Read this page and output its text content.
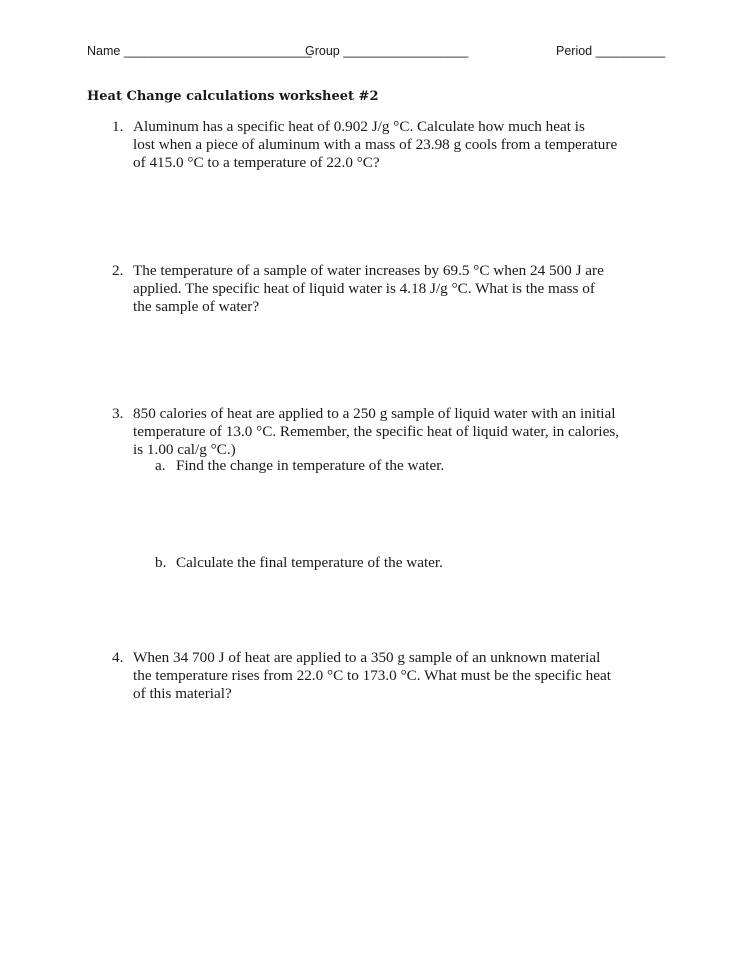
Name ___________________________
Group __________________	Period __________
Heat Change calculations worksheet #2
1. Aluminum has a specific heat of 0.902 J/g °C. Calculate how much heat is
lost when a piece of aluminum with a mass of 23.98 g cools from a temperature
of 415.0 °C to a temperature of 22.0 °C?
2. The temperature of a sample of water increases by 69.5 °C when 24 500 J are
applied. The specific heat of liquid water is 4.18 J/g °C. What is the mass of
the sample of water?
3. 850 calories of heat are applied to a 250 g sample of liquid water with an initial
temperature of 13.0 °C. Remember, the specific heat of liquid water, in calories,
is 1.00 cal/g °C.)
a. Find the change in temperature of the water.
b. Calculate the final temperature of the water.
4. When 34 700 J of heat are applied to a 350 g sample of an unknown material
the temperature rises from 22.0 °C to 173.0 °C. What must be the specific heat
of this material?
